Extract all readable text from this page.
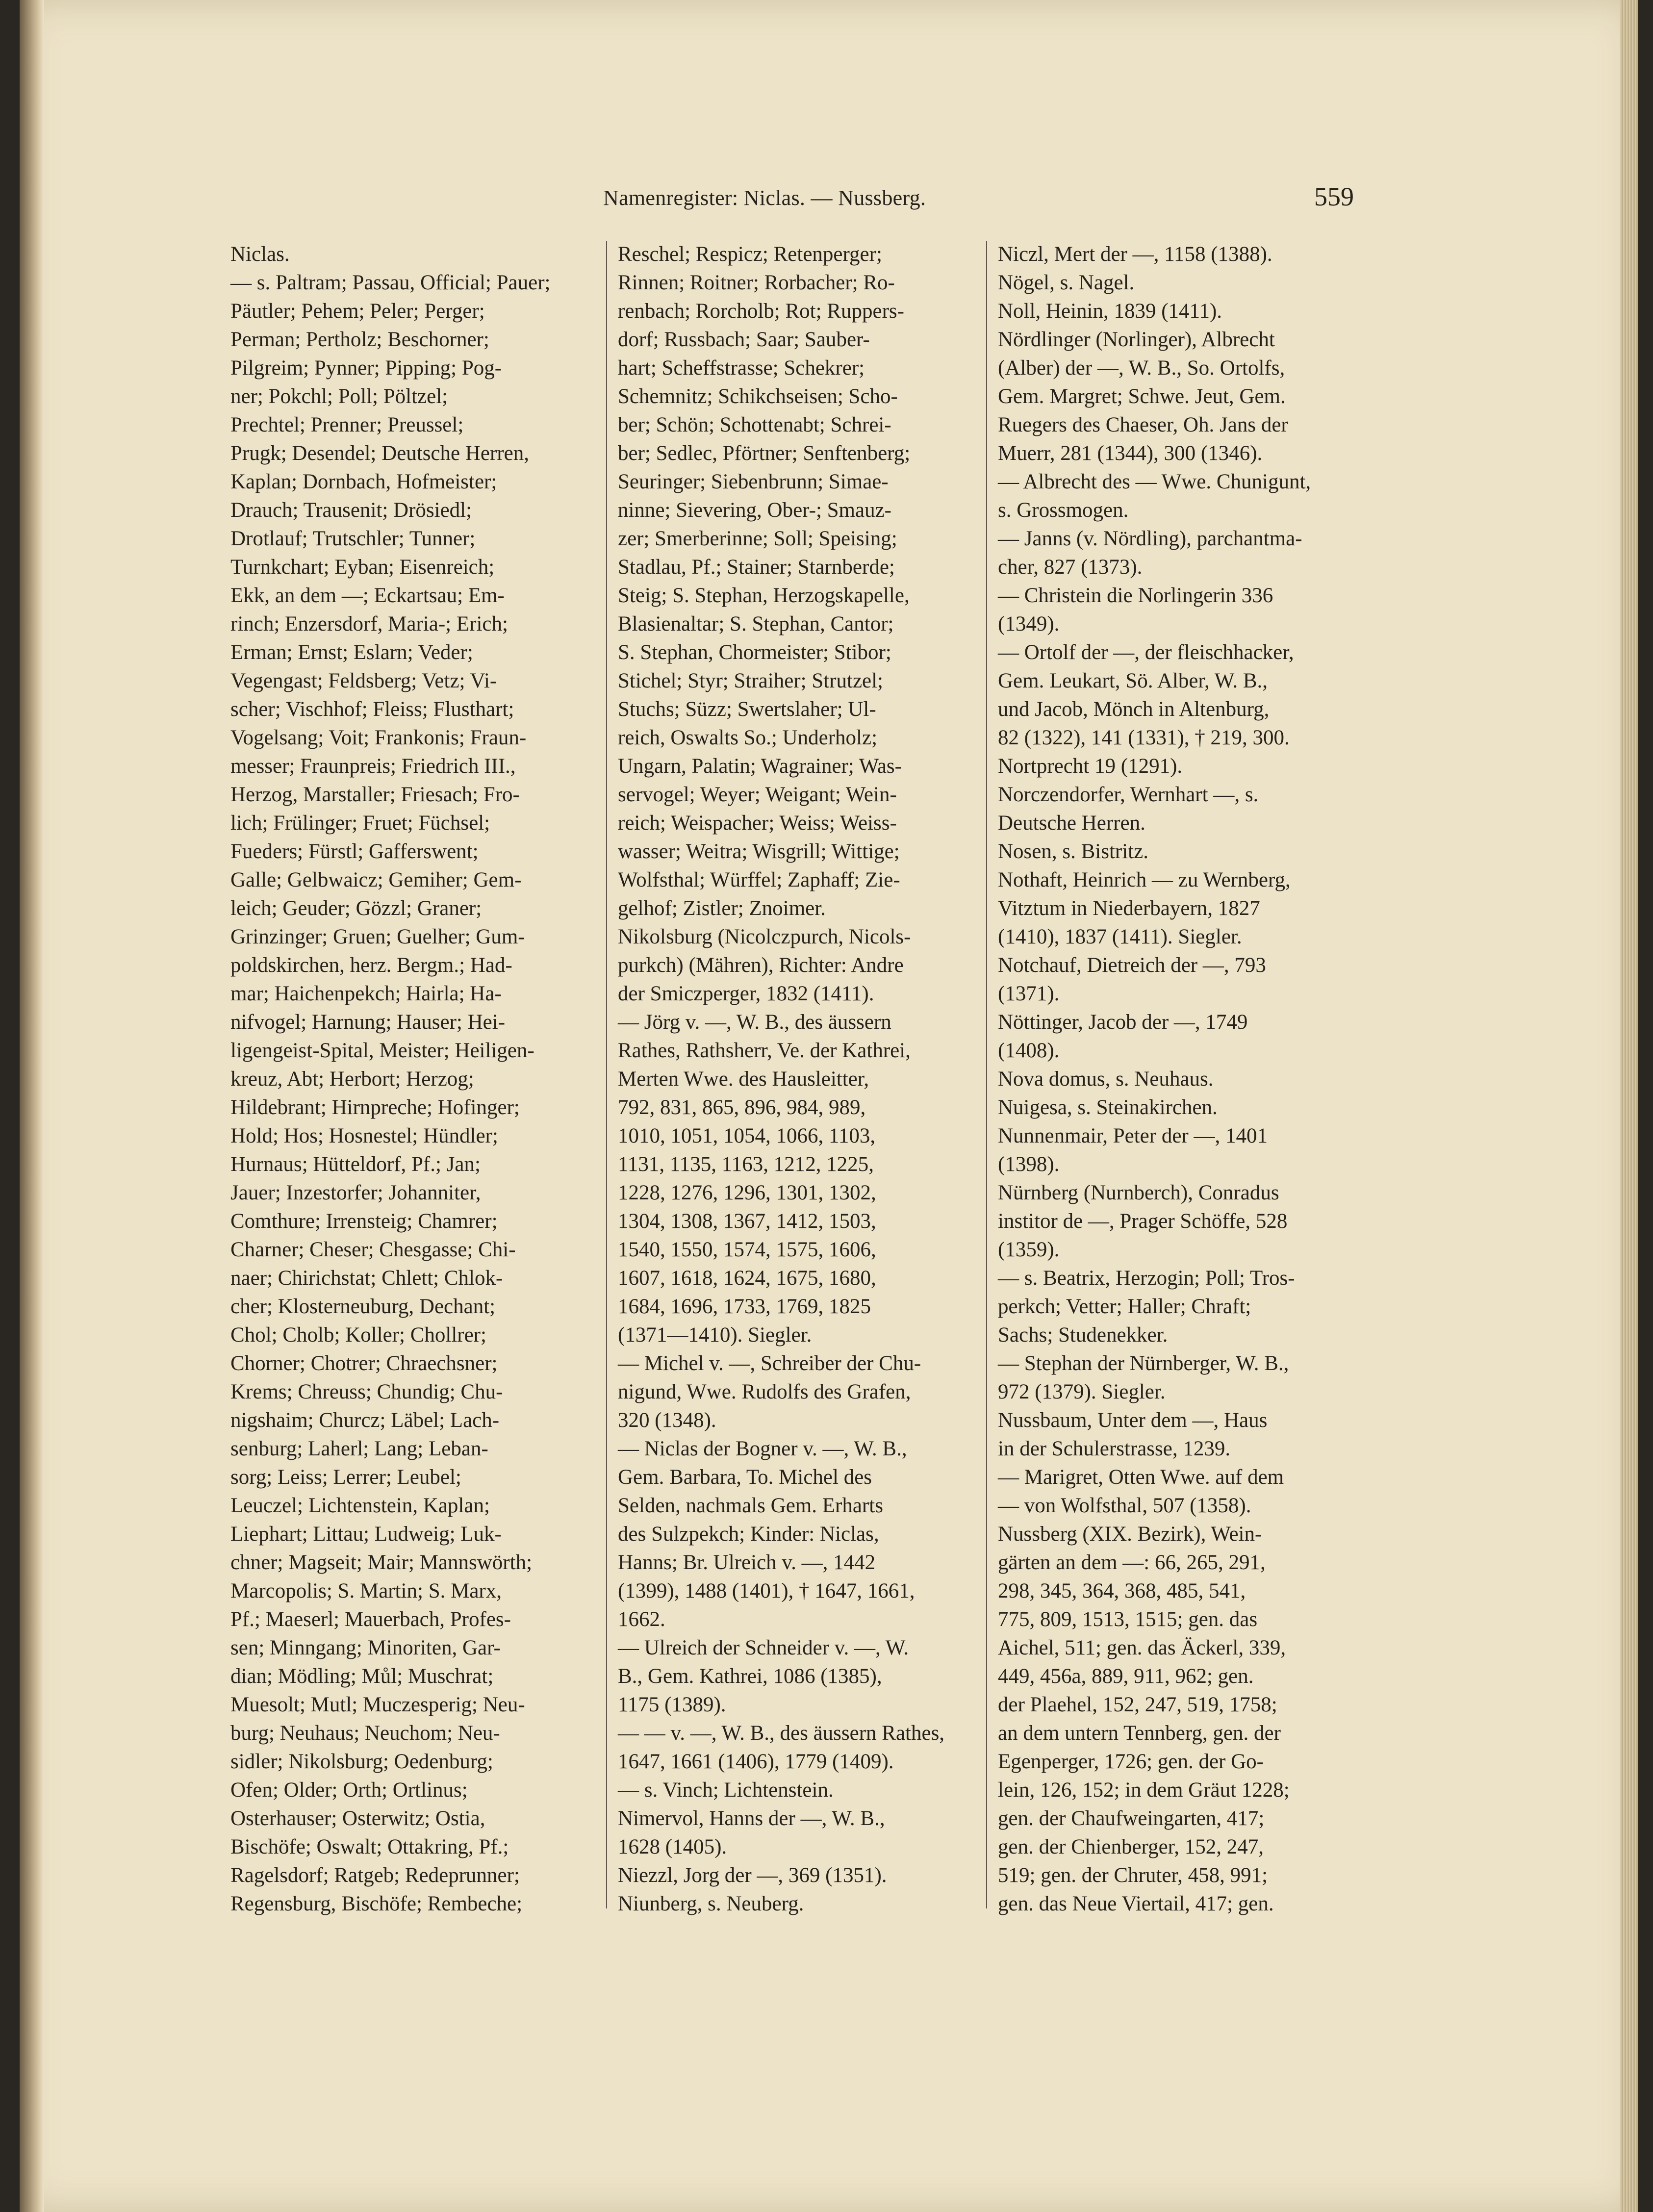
Namenregister: Niclas. — Nussberg.	559
Niclas.
— s. Paltram; Passau, Official; Pauer;
Päutler; Pehem; Peler; Perger;
Perman; Pertholz; Beschorner;
Pilgreim; Pynner; Pipping; Pog-
ner; Pokchl; Poll; Pöltzel;
Prechtel; Prenner; Preussel;
Prugk; Desendel; Deutsche Herren,
Kaplan; Dornbach, Hofmeister;
Drauch; Trausenit; Drösiedl;
Drotlauf; Trutschler; Tunner;
Turnkchart; Eyban; Eisenreich;
Ekk, an dem —; Eckartsau; Em-
rinch; Enzersdorf, Maria-; Erich;
Erman; Ernst; Eslarn; Veder;
Vegengast; Feldsberg; Vetz; Vi-
scher; Vischhof; Fleiss; Flusthart;
Vogelsang; Voit; Frankonis; Fraun-
messer; Fraunpreis; Friedrich III.,
Herzog, Marstaller; Friesach; Fro-
lich; Frülinger; Fruet; Füchsel;
Fueders; Fürstl; Gafferswent;
Galle; Gelbwaicz; Gemiher; Gem-
leich; Geuder; Gözzl; Graner;
Grinzinger; Gruen; Guelher; Gum-
poldskirchen, herz. Bergm.; Had-
mar; Haichenpekch; Hairla; Ha-
nifvogel; Harnung; Hauser; Hei-
ligengeist-Spital, Meister; Heiligen-
kreuz, Abt; Herbort; Herzog;
Hildebrant; Hirnpreche; Hofinger;
Hold; Hos; Hosnestel; Hündler;
Hurnaus; Hütteldorf, Pf.; Jan;
Jauer; Inzestorfer; Johanniter,
Comthure; Irrensteig; Chamrer;
Charner; Cheser; Chesgasse; Chi-
naer; Chirichstat; Chlett; Chlok-
cher; Klosterneuburg, Dechant;
Chol; Cholb; Koller; Chollrer;
Chorner; Chotrer; Chraechsner;
Krems; Chreuss; Chundig; Chu-
nigshaim; Churcz; Läbel; Lach-
senburg; Laherl; Lang; Leban-
sorg; Leiss; Lerrer; Leubel;
Leuczel; Lichtenstein, Kaplan;
Liephart; Littau; Ludweig; Luk-
chner; Magseit; Mair; Mannswörth;
Marcopolis; S. Martin; S. Marx,
Pf.; Maeserl; Mauerbach, Profes-
sen; Minngang; Minoriten, Gar-
dian; Mödling; Můl; Muschrat;
Muesolt; Mutl; Muczesperig; Neu-
burg; Neuhaus; Neuchom; Neu-
sidler; Nikolsburg; Oedenburg;
Ofen; Older; Orth; Ortlinus;
Osterhauser; Osterwitz; Ostia,
Bischöfe; Oswalt; Ottakring, Pf.;
Ragelsdorf; Ratgeb; Redeprunner;
Regensburg, Bischöfe; Rembeche;
Reschel; Respicz; Retenperger;
Rinnen; Roitner; Rorbacher; Ro-
renbach; Rorcholb; Rot; Ruppers-
dorf; Russbach; Saar; Sauber-
hart; Scheffstrasse; Schekrer;
Schemnitz; Schikchseisen; Scho-
ber; Schön; Schottenabt; Schrei-
ber; Sedlec, Pförtner; Senftenberg;
Seuringer; Siebenbrunn; Simae-
ninne; Sievering, Ober-; Smauz-
zer; Smerberinne; Soll; Speising;
Stadlau, Pf.; Stainer; Starnberde;
Steig; S. Stephan, Herzogskapelle,
Blasienaltar; S. Stephan, Cantor;
S. Stephan, Chormeister; Stibor;
Stichel; Styr; Straiher; Strutzel;
Stuchs; Süzz; Swertslaher; Ul-
reich, Oswalts So.; Underholz;
Ungarn, Palatin; Wagrainer; Was-
servogel; Weyer; Weigant; Wein-
reich; Weispacher; Weiss; Weiss-
wasser; Weitra; Wisgrill; Wittige;
Wolfsthal; Würffel; Zaphaff; Zie-
gelhof; Zistler; Znoimer.
Nikolsburg (Nicolczpurch, Nicols-
purkch) (Mähren), Richter: Andre
der Smiczperger, 1832 (1411).
— Jörg v. —, W. B., des äussern
Rathes, Rathsherr, Ve. der Kathrei,
Merten Wwe. des Hausleitter,
792, 831, 865, 896, 984, 989,
1010, 1051, 1054, 1066, 1103,
1131, 1135, 1163, 1212, 1225,
1228, 1276, 1296, 1301, 1302,
1304, 1308, 1367, 1412, 1503,
1540, 1550, 1574, 1575, 1606,
1607, 1618, 1624, 1675, 1680,
1684, 1696, 1733, 1769, 1825
(1371—1410). Siegler.
— Michel v. —, Schreiber der Chu-
nigund, Wwe. Rudolfs des Grafen,
320 (1348).
— Niclas der Bogner v. —, W. B.,
Gem. Barbara, To. Michel des
Selden, nachmals Gem. Erharts
des Sulzpekch; Kinder: Niclas,
Hanns; Br. Ulreich v. —, 1442
(1399), 1488 (1401), † 1647, 1661,
1662.
— Ulreich der Schneider v. —, W.
B., Gem. Kathrei, 1086 (1385),
1175 (1389).
— — v. —, W. B., des äussern Rathes,
1647, 1661 (1406), 1779 (1409).
— s. Vinch; Lichtenstein.
Nimervol, Hanns der —, W. B.,
1628 (1405).
Niezzl, Jorg der —, 369 (1351).
Niunberg, s. Neuberg.
Niczl, Mert der —, 1158 (1388).
Nögel, s. Nagel.
Noll, Heinin, 1839 (1411).
Nördlinger (Norlinger), Albrecht
(Alber) der —, W. B., So. Ortolfs,
Gem. Margret; Schwe. Jeut, Gem.
Ruegers des Chaeser, Oh. Jans der
Muerr, 281 (1344), 300 (1346).
— Albrecht des — Wwe. Chunigunt,
s. Grossmogen.
— Janns (v. Nördling), parchantma-
cher, 827 (1373).
— Christein die Norlingerin 336
(1349).
— Ortolf der —, der fleischhacker,
Gem. Leukart, Sö. Alber, W. B.,
und Jacob, Mönch in Altenburg,
82 (1322), 141 (1331), † 219, 300.
Nortprecht 19 (1291).
Norczendorfer, Wernhart —, s.
Deutsche Herren.
Nosen, s. Bistritz.
Nothaft, Heinrich — zu Wernberg,
Vitztum in Niederbayern, 1827
(1410), 1837 (1411). Siegler.
Notchauf, Dietreich der —, 793
(1371).
Nöttinger, Jacob der —, 1749
(1408).
Nova domus, s. Neuhaus.
Nuigesa, s. Steinakirchen.
Nunnenmair, Peter der —, 1401
(1398).
Nürnberg (Nurnberch), Conradus
institor de —, Prager Schöffe, 528
(1359).
— s. Beatrix, Herzogin; Poll; Tros-
perkch; Vetter; Haller; Chraft;
Sachs; Studenekker.
— Stephan der Nürnberger, W. B.,
972 (1379). Siegler.
Nussbaum, Unter dem —, Haus
in der Schulerstrasse, 1239.
— Marigret, Otten Wwe. auf dem
— von Wolfsthal, 507 (1358).
Nussberg (XIX. Bezirk), Wein-
gärten an dem —: 66, 265, 291,
298, 345, 364, 368, 485, 541,
775, 809, 1513, 1515; gen. das
Aichel, 511; gen. das Äckerl, 339,
449, 456a, 889, 911, 962; gen.
der Plaehel, 152, 247, 519, 1758;
an dem untern Tennberg, gen. der
Egenperger, 1726; gen. der Go-
lein, 126, 152; in dem Gräut 1228;
gen. der Chaufweingarten, 417;
gen. der Chienberger, 152, 247,
519; gen. der Chruter, 458, 991;
gen. das Neue Viertail, 417; gen.
